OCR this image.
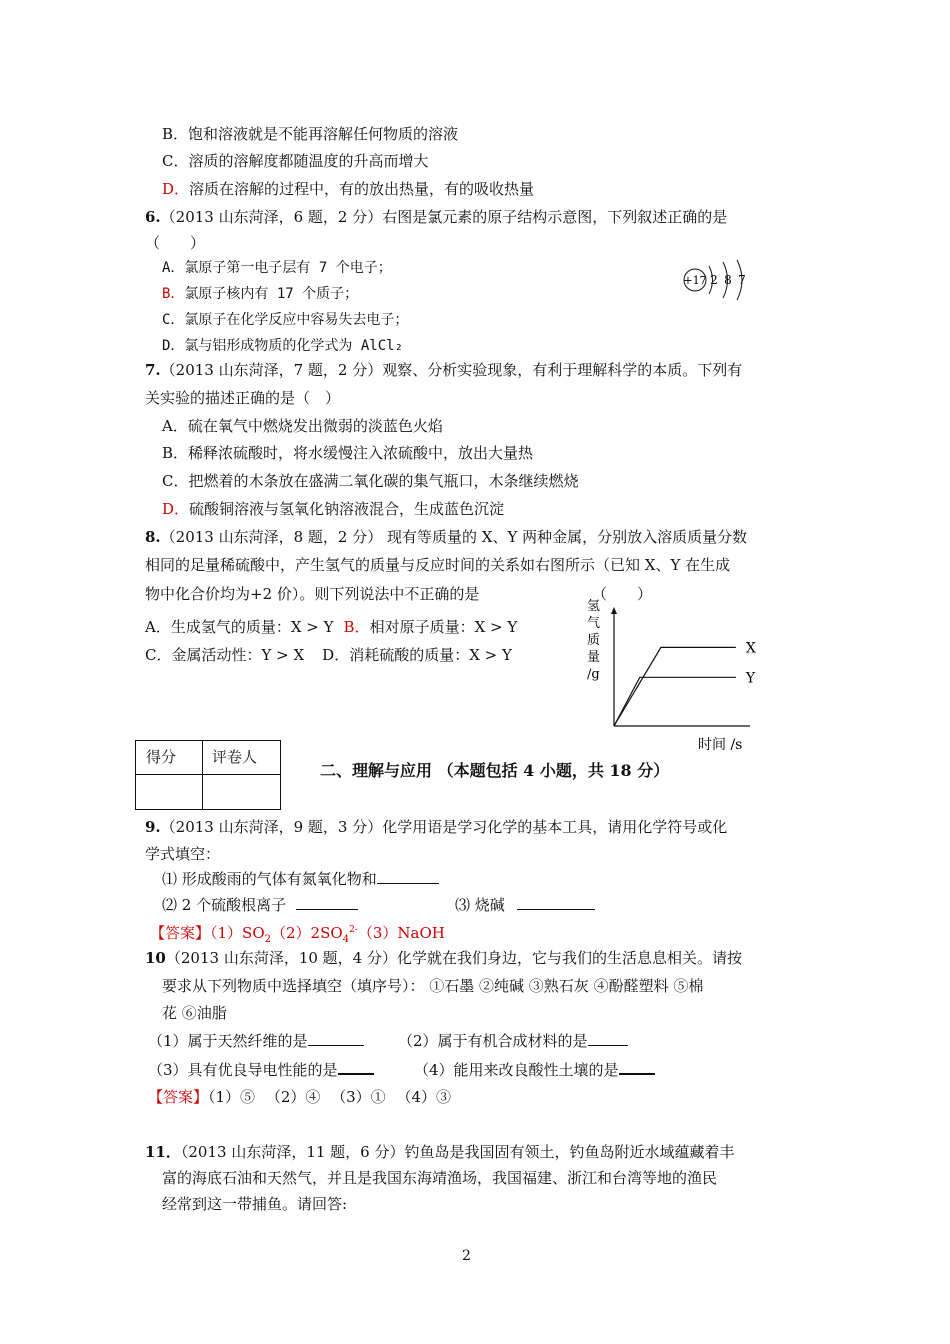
B．饱和溶液就是不能再溶解任何物质的溶液
C．溶质的溶解度都随温度的升高而增大
D．溶质在溶解的过程中，有的放出热量，有的吸收热量
6.（2013 山东菏泽，6 题，2 分）右图是氯元素的原子结构示意图，下列叙述正确的是
（　　）
A．氯原子第一电子层有 7 个电子；
B．氯原子核内有 17 个质子；
C．氯原子在化学反应中容易失去电子；
D．氯与铝形成物质的化学式为 AlCl₂
+17 2 8 7
7.（2013 山东菏泽，7 题，2 分）观察、分析实验现象，有利于理解科学的本质。下列有
关实验的描述正确的是（　）
A．硫在氧气中燃烧发出微弱的淡蓝色火焰
B．稀释浓硫酸时，将水缓慢注入浓硫酸中，放出大量热
C．把燃着的木条放在盛满二氧化碳的集气瓶口，木条继续燃烧
D．硫酸铜溶液与氢氧化钠溶液混合，生成蓝色沉淀
8.（2013 山东菏泽，8 题，2 分） 现有等质量的 X、Y 两种金属，分别放入溶质质量分数
相同的足量稀硫酸中，产生氢气的质量与反应时间的关系如右图所示（已知 X、Y 在生成
物中化合价均为+2 价）。则下列说法中不正确的是	（　　）
A．生成氢气的质量：X > Y B．相对原子质量：X > Y
C．金属活动性：Y > X D．消耗硫酸的质量：X > Y
氢
气
质
量
/g
X
Y
时间 /s
得分 评卷人
二、理解与应用 （本题包括 4 小题，共 18 分）
9.（2013 山东菏泽，9 题，3 分）化学用语是学习化学的基本工具，请用化学符号或化
学式填空：
⑴ 形成酸雨的气体有氮氧化物和
⑵ 2 个硫酸根离子	⑶ 烧碱
【答案】$(1)SO_2(2)2SO_4^{2-}(3)NaOH$
10（2013 山东菏泽，10 题，4 分）化学就在我们身边，它与我们的生活息息相关。请按
要求从下列物质中选择填空（填序号）： ①石墨 ②纯碱 ③熟石灰 ④酚醛塑料 ⑤棉
花 ⑥油脂
（1）属于天然纤维的是	（2）属于有机合成材料的是
（3）具有优良导电性能的是	（4）能用来改良酸性土壤的是
【答案】（1）⑤ （2）④ （3）① （4）③
11．（2013 山东菏泽，11 题，6 分）钓鱼岛是我国固有领土，钓鱼岛附近水域蕴藏着丰
富的海底石油和天然气，并且是我国东海靖渔场，我国福建、浙江和台湾等地的渔民
经常到这一带捕鱼。请回答:
2
